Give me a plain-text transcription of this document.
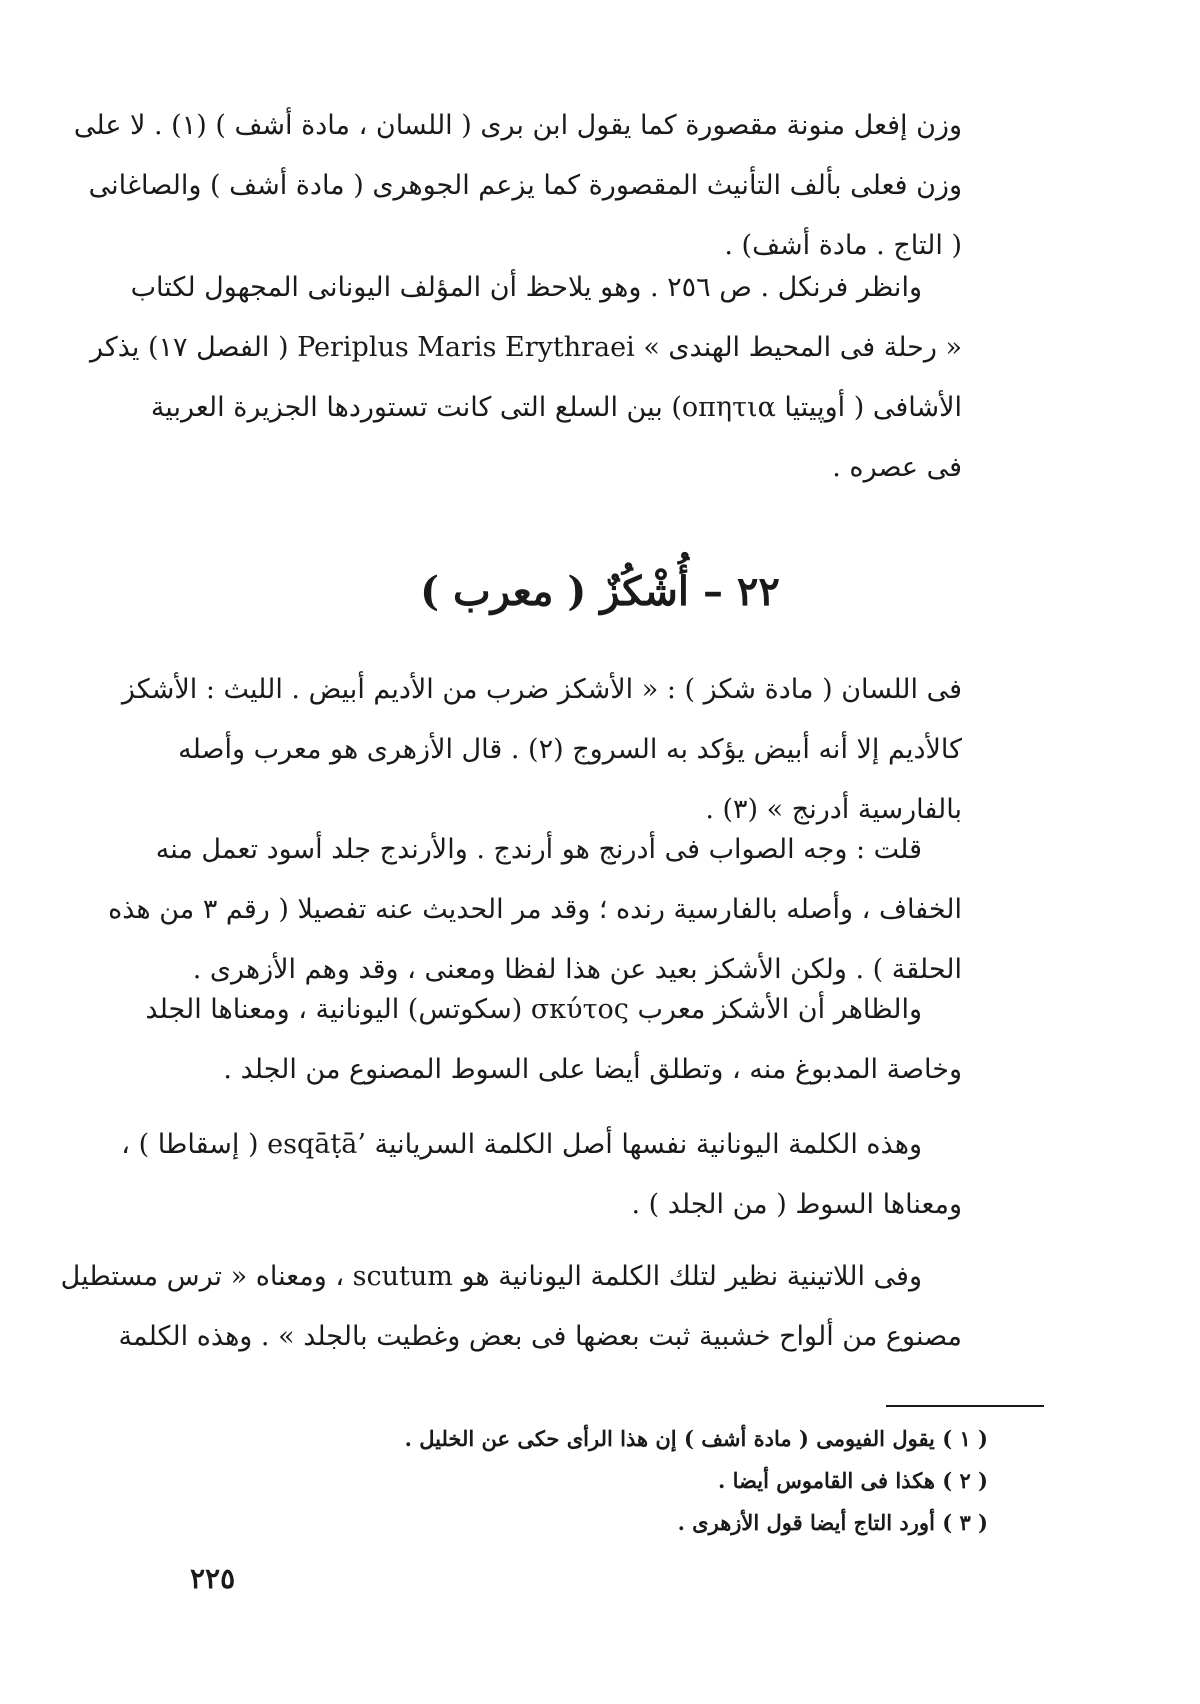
وزن إفعل منونة مقصورة كما يقول ابن برى ( اللسان ، مادة أشف ) (١) . لا على
وزن فعلى بألف التأنيث المقصورة كما يزعم الجوهرى ( مادة أشف ) والصاغانى
( التاج . مادة أشف) .
وانظر فرنكل . ص ٢٥٦ . وهو يلاحظ أن المؤلف اليونانى المجهول لكتاب
« رحلة فى المحيط الهندى » Periplus Maris Erythraei ( الفصل ١٧) يذكر
الأشافى ( أوپيتيا οπητια) بين السلع التى كانت تستوردها الجزيرة العربية
فى عصره .
٢٢ – أُشْكُزٌ ( معرب )
فى اللسان ( مادة شكز ) : « الأشكز ضرب من الأديم أبيض . الليث : الأشكز
كالأديم إلا أنه أبيض يؤكد به السروج (٢) . قال الأزهرى هو معرب وأصله
بالفارسية أدرنج » (٣) .
قلت : وجه الصواب فى أدرنج هو أرندج . والأرندج جلد أسود تعمل منه
الخفاف ، وأصله بالفارسية رنده ؛ وقد مر الحديث عنه تفصيلا ( رقم ٣ من هذه
الحلقة ) . ولكن الأشكز بعيد عن هذا لفظا ومعنى ، وقد وهم الأزهرى .
والظاهر أن الأشكز معرب σκύτος (سكوتس) اليونانية ، ومعناها الجلد
وخاصة المدبوغ منه ، وتطلق أيضا على السوط المصنوع من الجلد .
وهذه الكلمة اليونانية نفسها أصل الكلمة السريانية ’esqāṭā ( إسقاطا ) ،
ومعناها السوط ( من الجلد ) .
وفى اللاتينية نظير لتلك الكلمة اليونانية هو scutum ، ومعناه « ترس مستطيل
مصنوع من ألواح خشبية ثبت بعضها فى بعض وغطيت بالجلد » . وهذه الكلمة
( ١ ) يقول الفيومى ( مادة أشف ) إن هذا الرأى حكى عن الخليل .
( ٢ ) هكذا فى القاموس أيضا .
( ٣ ) أورد التاج أيضا قول الأزهرى .
٢٢٥
